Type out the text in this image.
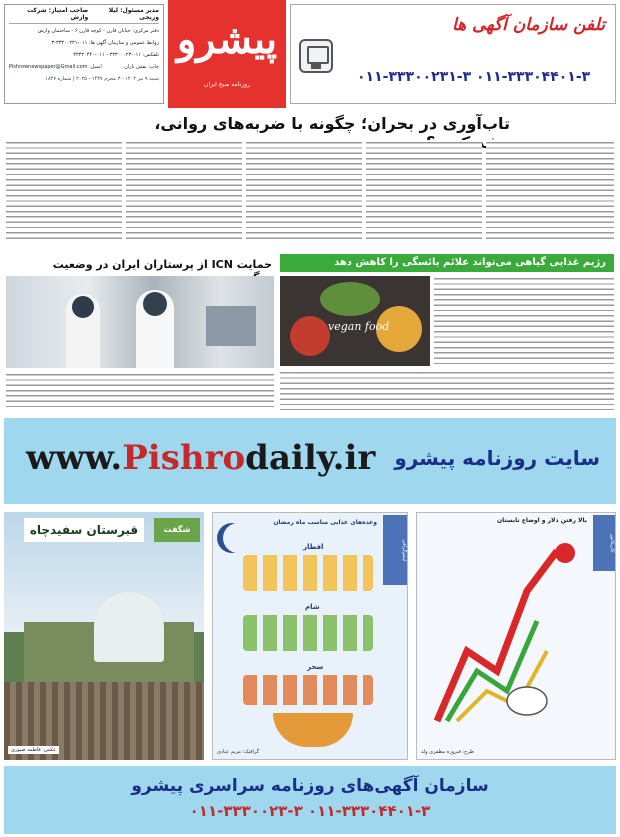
مدیر مسئول: لیلا وریجی
صاحب امتیاز: شرکت وارش
دفتر مرکزی: خیابان قارن - کوچه قارن ۶ - ساختمان وارش
روابط عمومی و سازمان آگهی ها: ۰۱۱-۳۳۳۰۰۲۳۱-۳
تلفکس: ۰۱۱-۳۳۳۰۰۰۲۳ - ۰۱۱-۳۳۳۲۰۴۴۰
چاپ: نقش باران
ایمیل: Pishrownewspaper@Gmail.com
شنبه ۹ تیر ۱۴۰۴ - ۳ محرم ۱۴۴۷ - ۲۰۲۵ | شماره ۱۸۴۷
پیشرو
روزنامه صبح ایران
تلفن سازمان آگهی ها
۰۱۱-۳۳۳۰۰۲۳۱-۳ ۰۱۱-۳۳۳۰۴۴۰۱-۳
تاب‌آوری در بحران؛ چگونه با ضربه‌های روانی،
حمایت ICN از پرستاران ایران در وضعیت	رژیم غذایی گیاهی می‌تواند علائم یائسگی را کاهش دهد
vegan food
www.Pishrodaily.ir سایت روزنامه پیشرو
قبرستان سفیدچاه	شگفت
عکس: فاطمه صیوری
اینفوگرافی
وعده‌های غذایی مناسب ماه رمضان
افطار
شام
سحر
گرافیک: مریم عبادی
کاریکاتور
بالا رفتن دلار و اوضاع تابستان
طرح: فیروزه مظفری ولد
سازمان آگهی‌های روزنامه سراسری پیشرو
۰۱۱-۳۳۳۰۰۲۳-۳ ۰۱۱-۳۳۳۰۴۴۰۱-۳
